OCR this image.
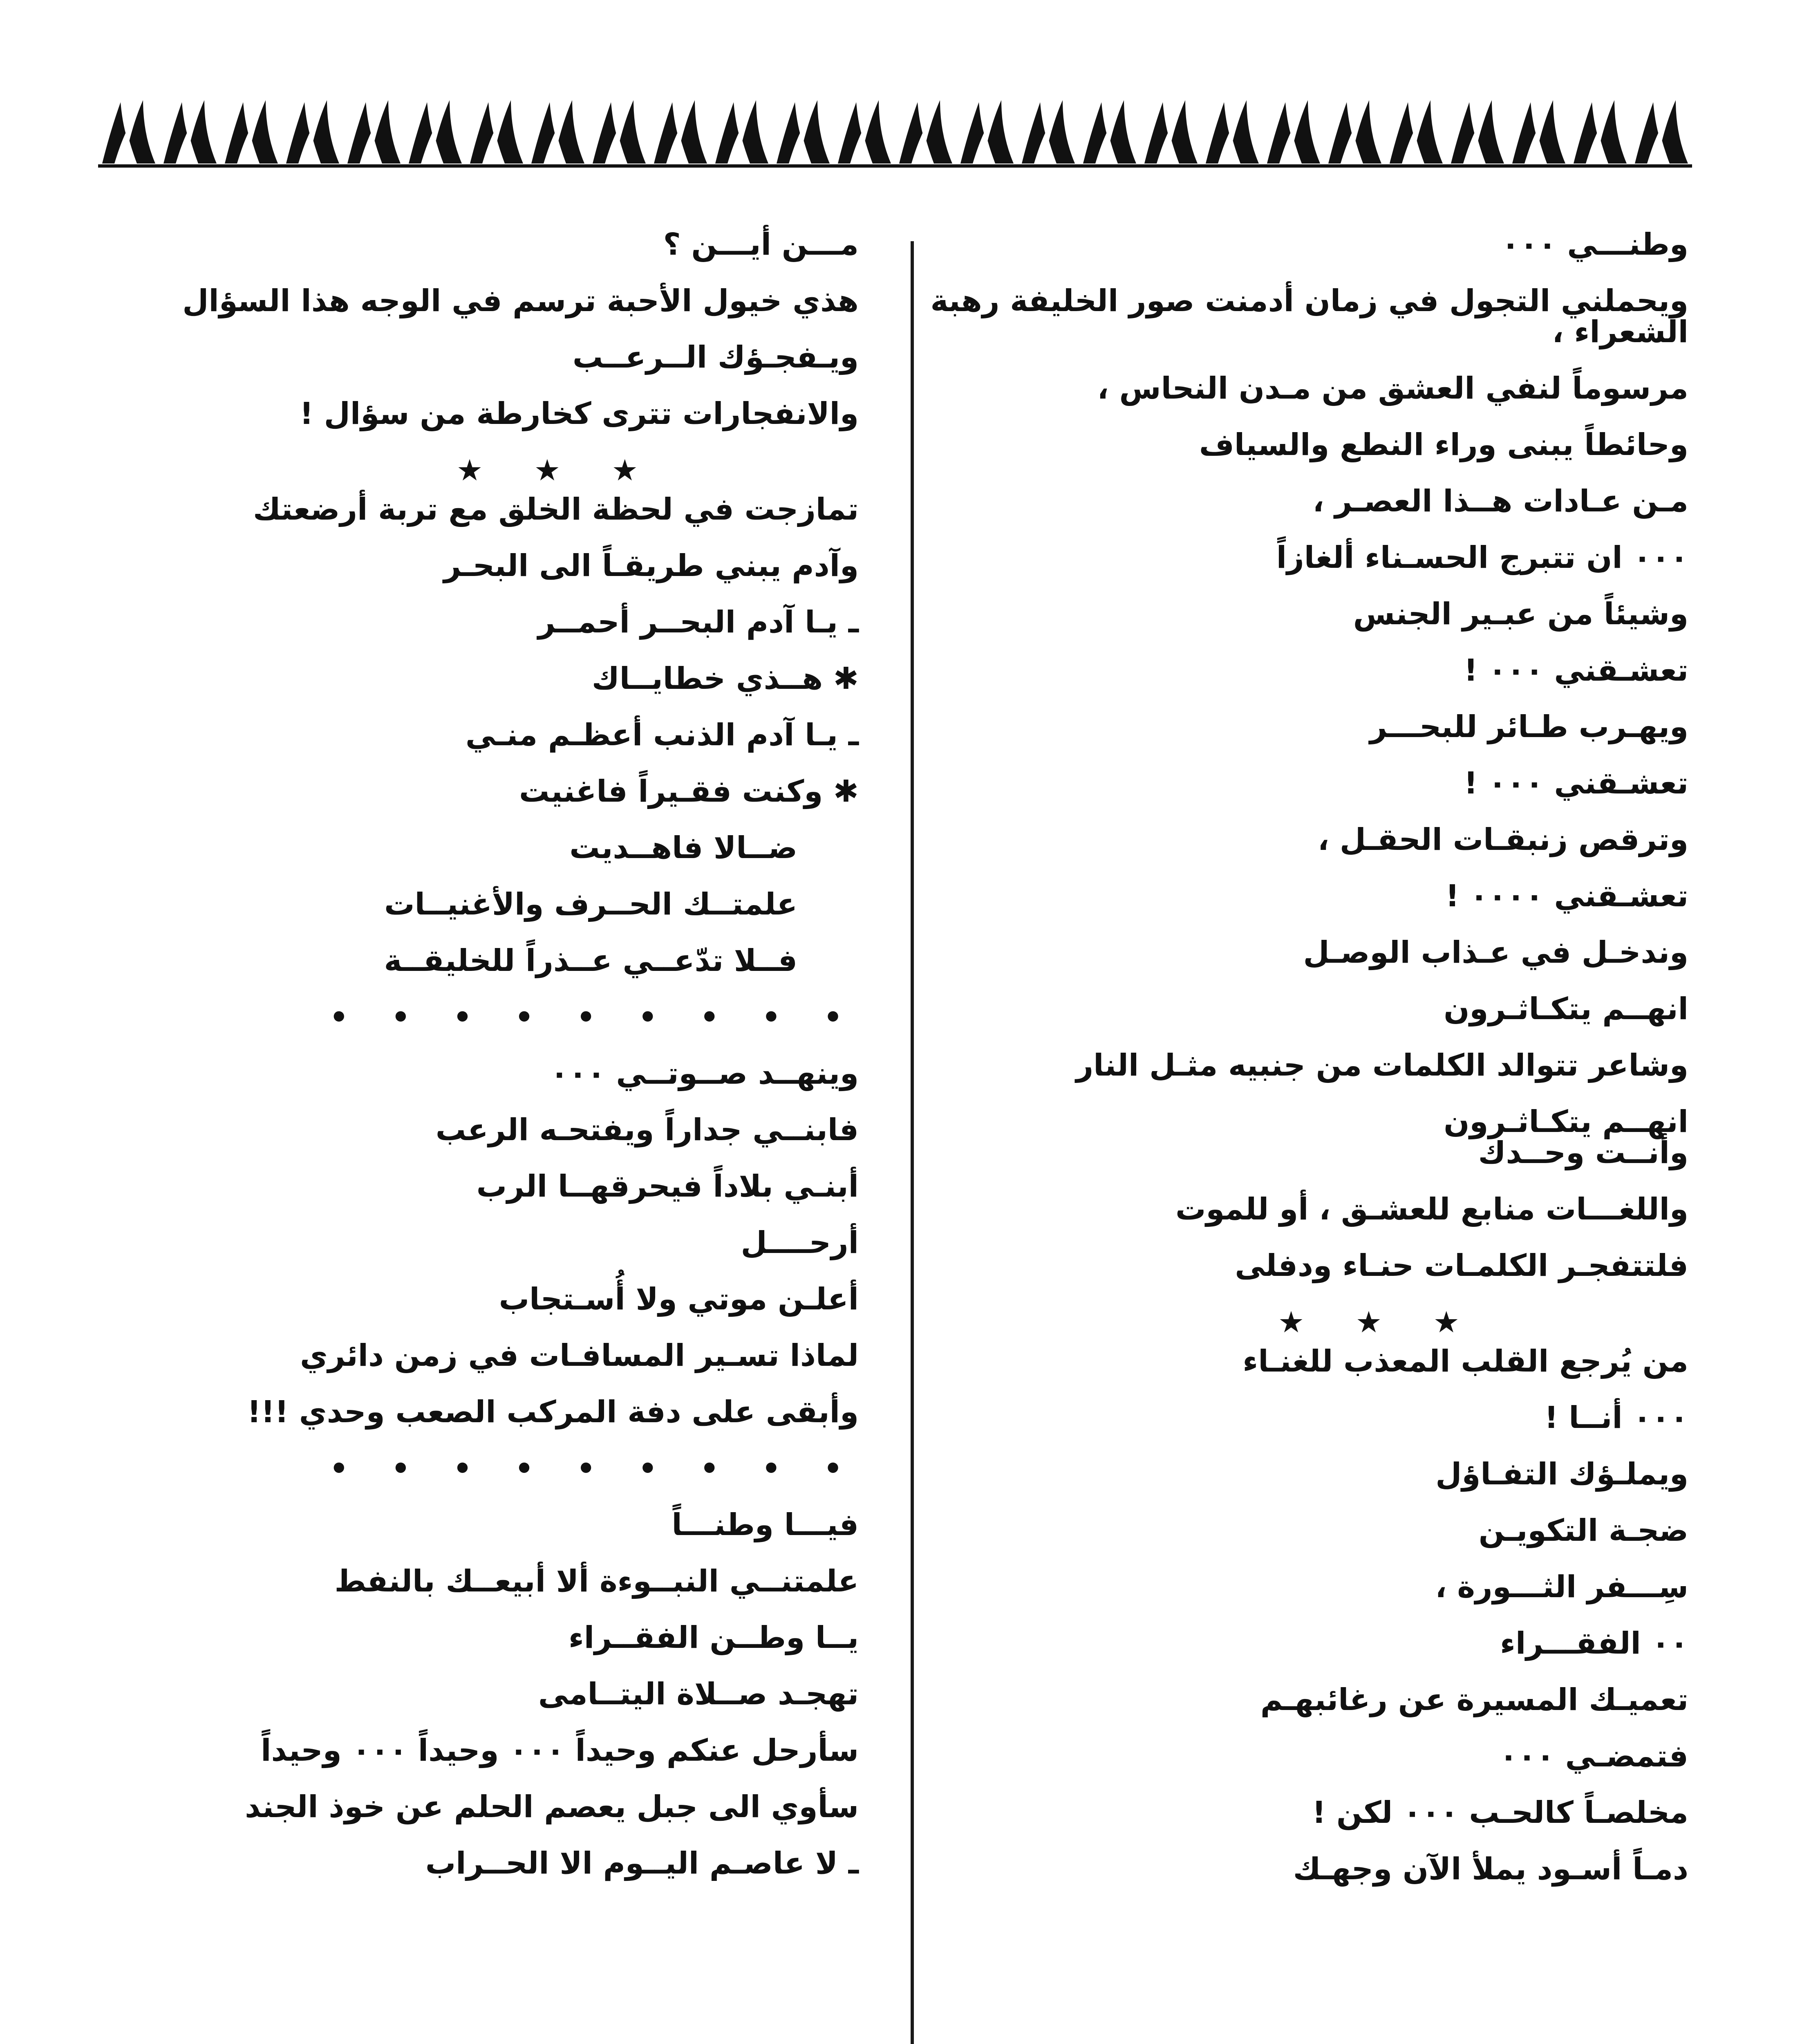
وطنـــي ٠٠٠
ويحملني التجول في زمان أدمنت صور الخليفة رهبة
الشعراء ،
مرسوماً لنفي العشق من مـدن النحاس ،
وحائطاً يبنى وراء النطع والسياف
مـن عـادات هــذا العصـر ،
٠٠٠ ان تتبرج الحسـناء ألغازاً
وشيئاً من عبـير الجنس
تعشـقني ٠٠٠ !
ويهـرب طـائر للبحـــر
تعشـقني ٠٠٠ !
وترقص زنبقـات الحقـل ،
تعشـقني ٠٠٠٠ !
وندخـل في عـذاب الوصـل
انهــم يتكـاثـرون
وشاعر تتوالد الكلمات من جنبيه مثـل النار
انهــم يتكـاثـرون
وأنــت وحــدك
واللغـــات منابع للعشـق ، أو للموت
فلتتفجـر الكلمـات حنـاء ودفلى
★     ★     ★
من يُرجع القلب المعذب للغنـاء
٠٠٠ أنــا !
ويملـؤك التفـاؤل
ضجـة التكويـن
سِـــفر الثـــورة ،
٠٠ الفقـــراء
تعميـك المسيرة عن رغائبهـم
فتمضـي ٠٠٠
مخلصـاً كالحـب ٠٠٠ لكن !
دمـاً أسـود يملأ الآن وجهـك
مـــن أيـــن ؟
هذي خيول الأحبة ترسم في الوجه هذا السؤال
ويـفجـؤك الــرعــب
والانفجارات تترى كخارطة من سؤال !
★     ★     ★
تمازجت في لحظة الخلق مع تربة أرضعتك
وآدم يبني طريقـاً الى البحـر
ـ يـا آدم البحــر أحمــر
✱ هــذي خطايــاك
ـ يـا آدم الذنب أعظـم منـي
✱ وكنت فقـيراً فاغنيت
ضــالا فاهــديت
علمتــك الحــرف والأغنيــات
فــلا تدّعــي عــذراً للخليقــة
• • • • • • • • •
وينهــد صــوتــي ٠٠٠
فابنــي جداراً ويفتحـه الرعب
أبنـي بلاداً فيحرقهــا الرب
أرحــــل
أعلـن موتي ولا أُسـتجاب
لماذا تسـير المسافـات في زمن دائري
وأبقى على دفة المركب الصعب وحدي !!!
• • • • • • • • •
فيـــا وطنـــاً
علمتنــي النبــوءة ألا أبيعــك بالنفط
يــا وطــن الفقــراء
تهجـد صــلاة اليتــامى
سأرحل عنكم وحيداً ٠٠٠ وحيداً ٠٠٠ وحيداً
سأوي الى جبل يعصم الحلم عن خوذ الجند
ـ لا عاصـم اليــوم الا الحــراب
